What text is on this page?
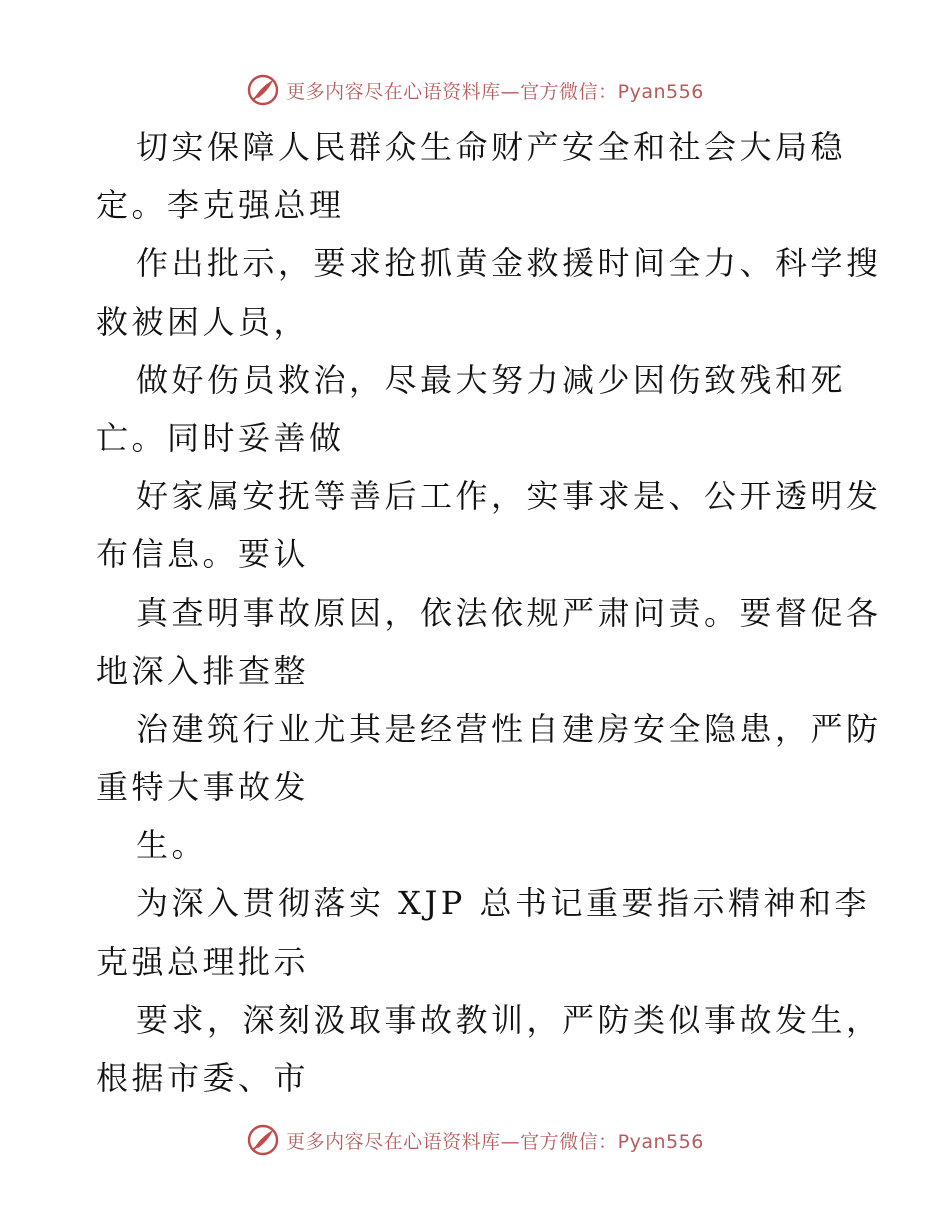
更多内容尽在心语资料库—官方微信：Pyan556
切实保障人民群众生命财产安全和社会大局稳
定。李克强总理
作出批示，要求抢抓黄金救援时间全力、科学搜
救被困人员，
做好伤员救治，尽最大努力减少因伤致残和死
亡。同时妥善做
好家属安抚等善后工作，实事求是、公开透明发
布信息。要认
真查明事故原因，依法依规严肃问责。要督促各
地深入排查整
治建筑行业尤其是经营性自建房安全隐患，严防
重特大事故发
生。
为深入贯彻落实 XJP 总书记重要指示精神和李
克强总理批示
要求，深刻汲取事故教训，严防类似事故发生，
根据市委、市
更多内容尽在心语资料库—官方微信：Pyan556
